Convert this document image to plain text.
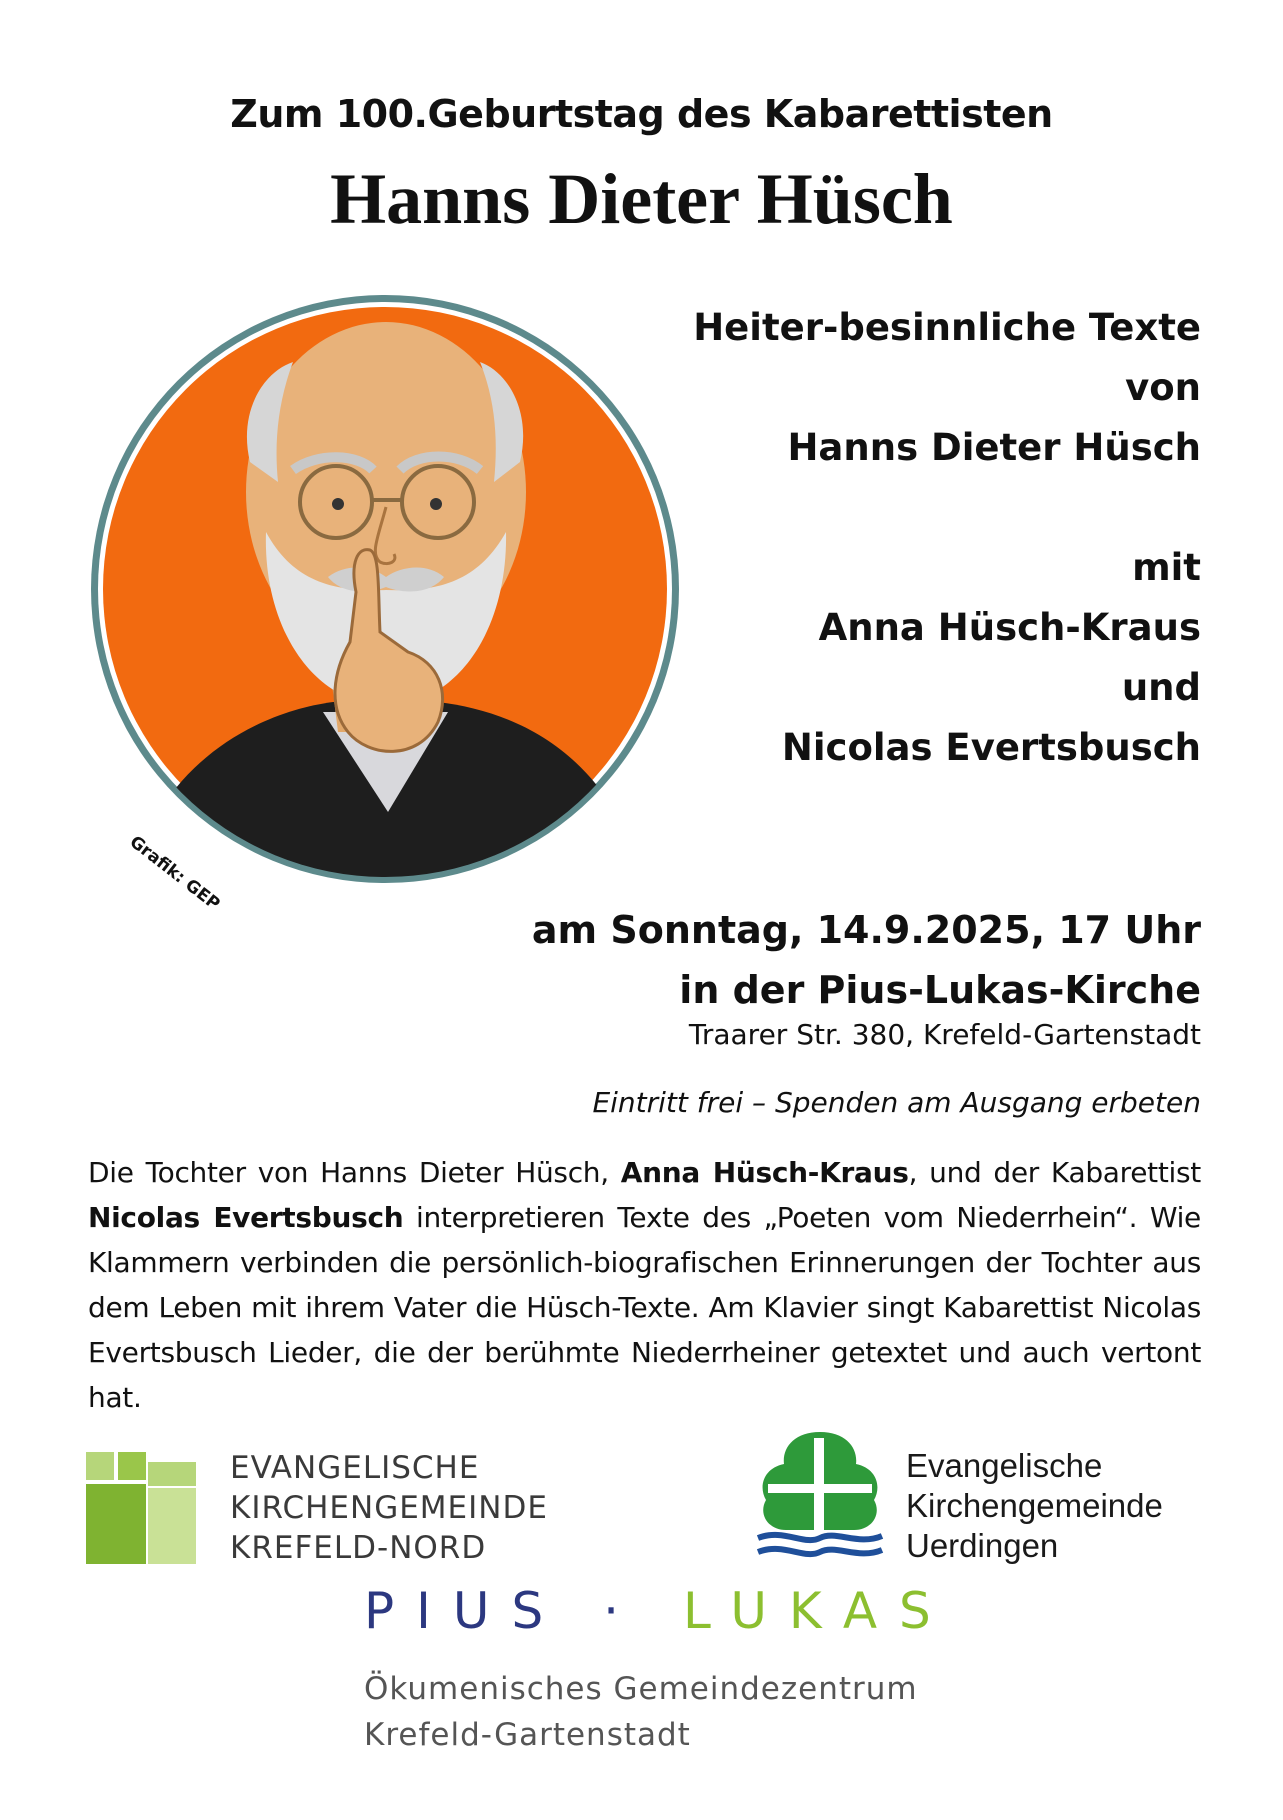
Zum 100.Geburtstag des Kabarettisten
Hanns Dieter Hüsch
Grafik: GEP
Heiter-besinnliche Texte
von
Hanns Dieter Hüsch
mit
Anna Hüsch-Kraus
und
Nicolas Evertsbusch
am Sonntag, 14.9.2025, 17 Uhr
in der Pius-Lukas-Kirche
Traarer Str. 380, Krefeld-Gartenstadt
Eintritt frei – Spenden am Ausgang erbeten
Die Tochter von Hanns Dieter Hüsch, Anna Hüsch-Kraus, und der Kabarettist Nicolas Evertsbusch interpretieren Texte des „Poeten vom Niederrhein“. Wie Klammern verbinden die persönlich-biografischen Erinnerungen der Tochter aus dem Leben mit ihrem Vater die Hüsch-Texte. Am Klavier singt Kabarettist Nicolas Evertsbusch Lieder, die der berühmte Niederrheiner getextet und auch vertont hat.
EVANGELISCHE
KIRCHENGEMEINDE
KREFELD-NORD
Evangelische
Kirchengemeinde
Uerdingen
PIUS · LUKAS
Ökumenisches Gemeindezentrum
Krefeld-Gartenstadt
